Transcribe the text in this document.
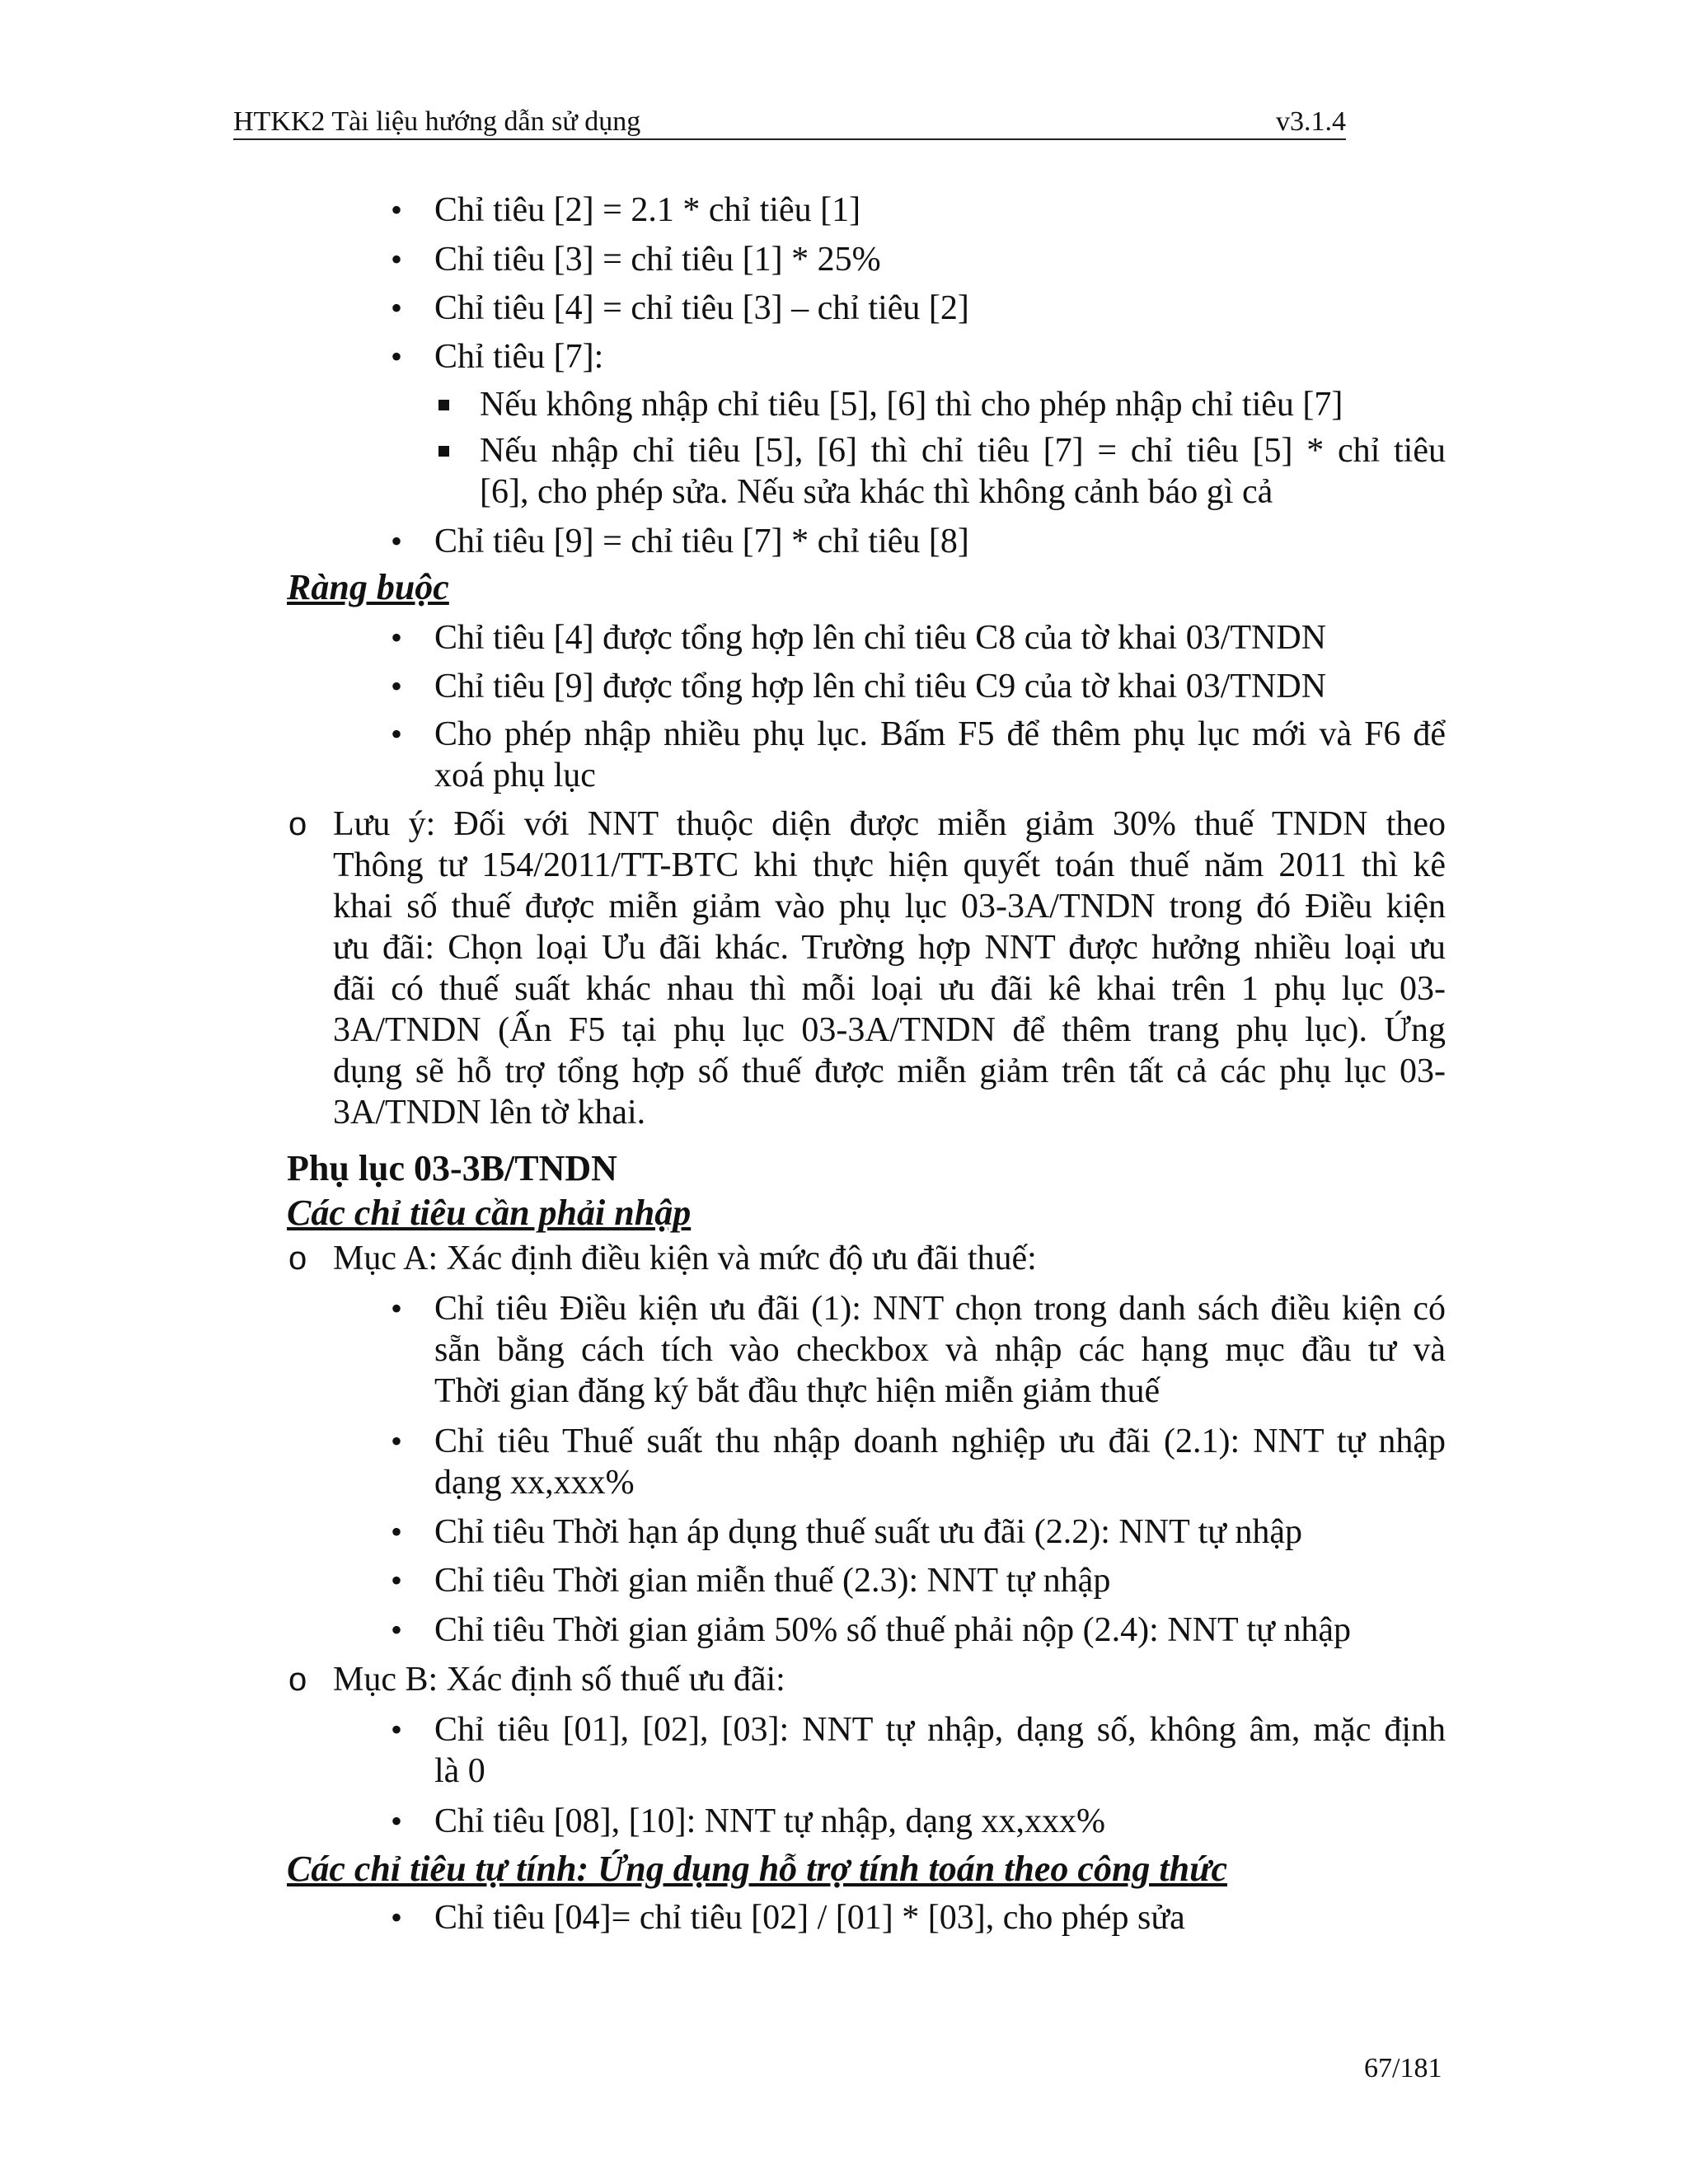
HTKK2 Tài liệu hướng dẫn sử dụng	v3.1.4
• Chỉ tiêu [2] = 2.1 * chỉ tiêu [1]
• Chỉ tiêu [3] = chỉ tiêu [1] * 25%
• Chỉ tiêu [4] = chỉ tiêu [3] – chỉ tiêu [2]
• Chỉ tiêu [7]:
Nếu không nhập chỉ tiêu [5], [6] thì cho phép nhập chỉ tiêu [7]
Nếu nhập chỉ tiêu [5], [6] thì chỉ tiêu [7] = chỉ tiêu [5] * chỉ tiêu
[6], cho phép sửa. Nếu sửa khác thì không cảnh báo gì cả
• Chỉ tiêu [9] = chỉ tiêu [7] * chỉ tiêu [8]
Ràng buộc
• Chỉ tiêu [4] được tổng hợp lên chỉ tiêu C8 của tờ khai 03/TNDN
• Chỉ tiêu [9] được tổng hợp lên chỉ tiêu C9 của tờ khai 03/TNDN
• Cho phép nhập nhiều phụ lục. Bấm F5 để thêm phụ lục mới và F6 để
xoá phụ lục
o Lưu ý: Đối với NNT thuộc diện được miễn giảm 30% thuế TNDN theo
Thông tư 154/2011/TT-BTC khi thực hiện quyết toán thuế năm 2011 thì kê
khai số thuế được miễn giảm vào phụ lục 03-3A/TNDN trong đó Điều kiện
ưu đãi: Chọn loại Ưu đãi khác. Trường hợp NNT được hưởng nhiều loại ưu
đãi có thuế suất khác nhau thì mỗi loại ưu đãi kê khai trên 1 phụ lục 03-
3A/TNDN (Ấn F5 tại phụ lục 03-3A/TNDN để thêm trang phụ lục). Ứng
dụng sẽ hỗ trợ tổng hợp số thuế được miễn giảm trên tất cả các phụ lục 03-
3A/TNDN lên tờ khai.
Phụ lục 03-3B/TNDN
Các chỉ tiêu cần phải nhập
o Mục A: Xác định điều kiện và mức độ ưu đãi thuế:
• Chỉ tiêu Điều kiện ưu đãi (1): NNT chọn trong danh sách điều kiện có
sẵn bằng cách tích vào checkbox và nhập các hạng mục đầu tư và
Thời gian đăng ký bắt đầu thực hiện miễn giảm thuế
• Chỉ tiêu Thuế suất thu nhập doanh nghiệp ưu đãi (2.1): NNT tự nhập
dạng xx,xxx%
• Chỉ tiêu Thời hạn áp dụng thuế suất ưu đãi (2.2): NNT tự nhập
• Chỉ tiêu Thời gian miễn thuế (2.3): NNT tự nhập
• Chỉ tiêu Thời gian giảm 50% số thuế phải nộp (2.4): NNT tự nhập
o Mục B: Xác định số thuế ưu đãi:
• Chỉ tiêu [01], [02], [03]: NNT tự nhập, dạng số, không âm, mặc định
là 0
• Chỉ tiêu [08], [10]: NNT tự nhập, dạng xx,xxx%
Các chỉ tiêu tự tính: Ứng dụng hỗ trợ tính toán theo công thức
• Chỉ tiêu [04]= chỉ tiêu [02] / [01] * [03], cho phép sửa
67/181
